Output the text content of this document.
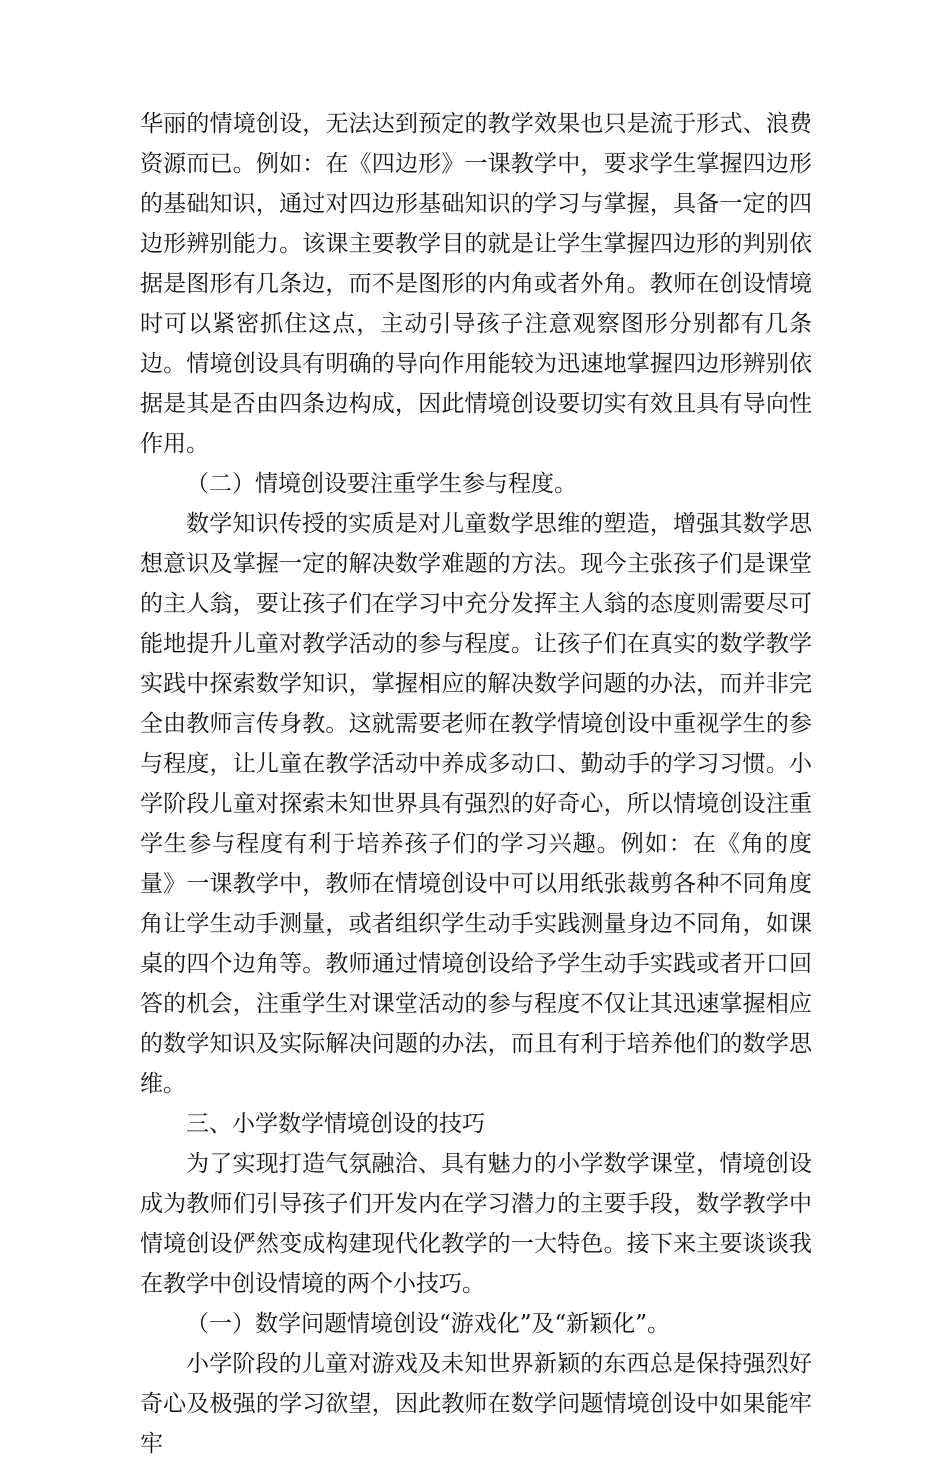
华丽的情境创设，无法达到预定的教学效果也只是流于形式、浪费资源而已。例如：在《四边形》一课教学中，要求学生掌握四边形的基础知识，通过对四边形基础知识的学习与掌握，具备一定的四边形辨别能力。该课主要教学目的就是让学生掌握四边形的判别依据是图形有几条边，而不是图形的内角或者外角。教师在创设情境时可以紧密抓住这点，主动引导孩子注意观察图形分别都有几条边。情境创设具有明确的导向作用能较为迅速地掌握四边形辨别依据是其是否由四条边构成，因此情境创设要切实有效且具有导向性作用。

（二）情境创设要注重学生参与程度。

数学知识传授的实质是对儿童数学思维的塑造，增强其数学思想意识及掌握一定的解决数学难题的方法。现今主张孩子们是课堂的主人翁，要让孩子们在学习中充分发挥主人翁的态度则需要尽可能地提升儿童对教学活动的参与程度。让孩子们在真实的数学教学实践中探索数学知识，掌握相应的解决数学问题的办法，而并非完全由教师言传身教。这就需要老师在教学情境创设中重视学生的参与程度，让儿童在教学活动中养成多动口、勤动手的学习习惯。小学阶段儿童对探索未知世界具有强烈的好奇心，所以情境创设注重学生参与程度有利于培养孩子们的学习兴趣。例如：在《角的度量》一课教学中，教师在情境创设中可以用纸张裁剪各种不同角度角让学生动手测量，或者组织学生动手实践测量身边不同角，如课桌的四个边角等。教师通过情境创设给予学生动手实践或者开口回答的机会，注重学生对课堂活动的参与程度不仅让其迅速掌握相应的数学知识及实际解决问题的办法，而且有利于培养他们的数学思维。

三、小学数学情境创设的技巧

为了实现打造气氛融洽、具有魅力的小学数学课堂，情境创设成为教师们引导孩子们开发内在学习潜力的主要手段，数学教学中情境创设俨然变成构建现代化教学的一大特色。接下来主要谈谈我在教学中创设情境的两个小技巧。

（一）数学问题情境创设“游戏化”及“新颖化”。

小学阶段的儿童对游戏及未知世界新颖的东西总是保持强烈好奇心及极强的学习欲望，因此教师在数学问题情境创设中如果能牢牢
